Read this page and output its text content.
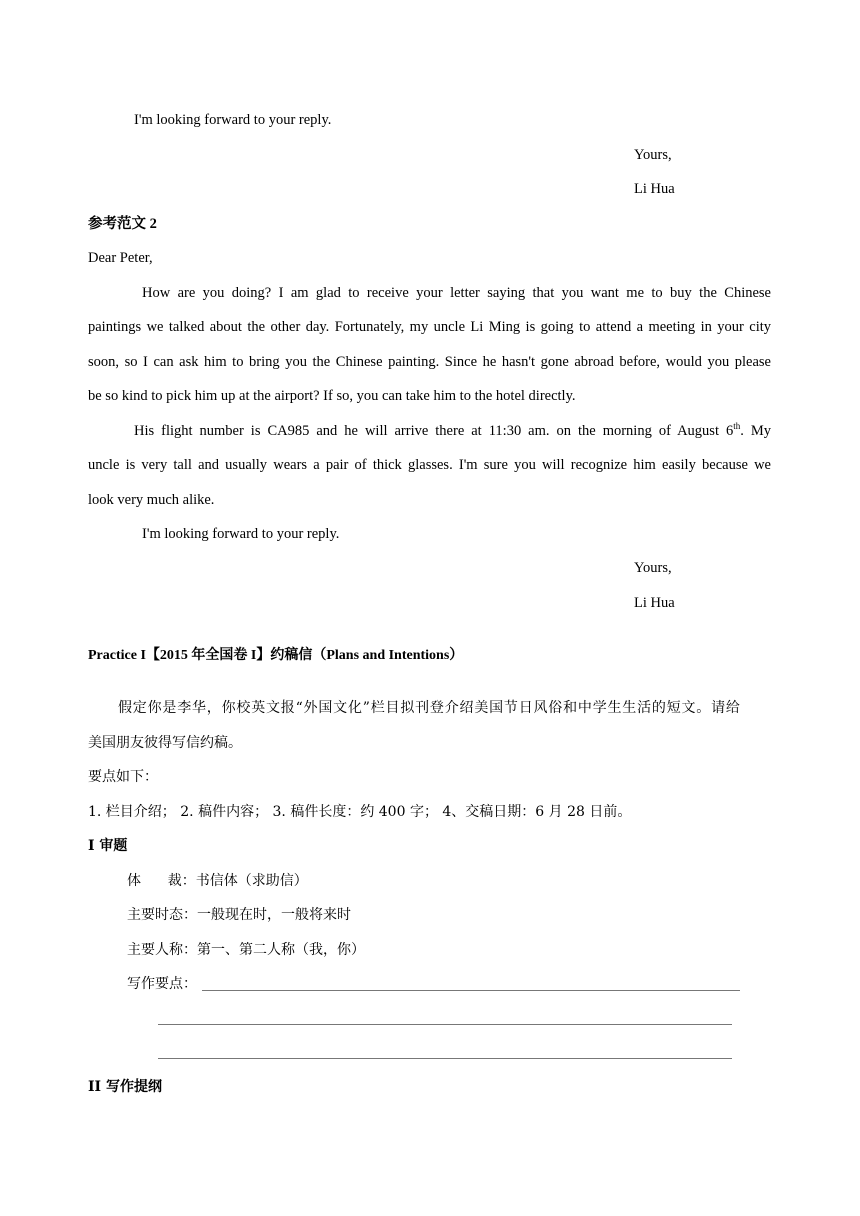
I'm looking forward to your reply.
Yours,
Li Hua
参考范文 2
Dear Peter,
How are you doing? I am glad to receive your letter saying that you want me to buy the Chinese
paintings we talked about the other day. Fortunately, my uncle Li Ming is going to attend a meeting in your city
soon, so I can ask him to bring you the Chinese painting. Since he hasn't gone abroad before, would you please
be so kind to pick him up at the airport? If so, you can take him to the hotel directly.
His flight number is CA985 and he will arrive there at 11:30 am. on the morning of August 6th. My
uncle is very tall and usually wears a pair of thick glasses. I'm sure you will recognize him easily because we
look very much alike.
I'm looking forward to your reply.
Yours,
Li Hua
Practice I【2015 年全国卷 I】约稿信（Plans and Intentions）
假定你是李华，你校英文报“外国文化”栏目拟刊登介绍美国节日风俗和中学生生活的短文。请给
美国朋友彼得写信约稿。
要点如下：
1. 栏目介绍； 2. 稿件内容； 3. 稿件长度：约 400 字； 4、交稿日期：6 月 28 日前。
I 审题
体      裁：书信体（求助信）
主要时态：一般现在时，一般将来时
主要人称：第一、第二人称（我，你）
写作要点：
II 写作提纲
